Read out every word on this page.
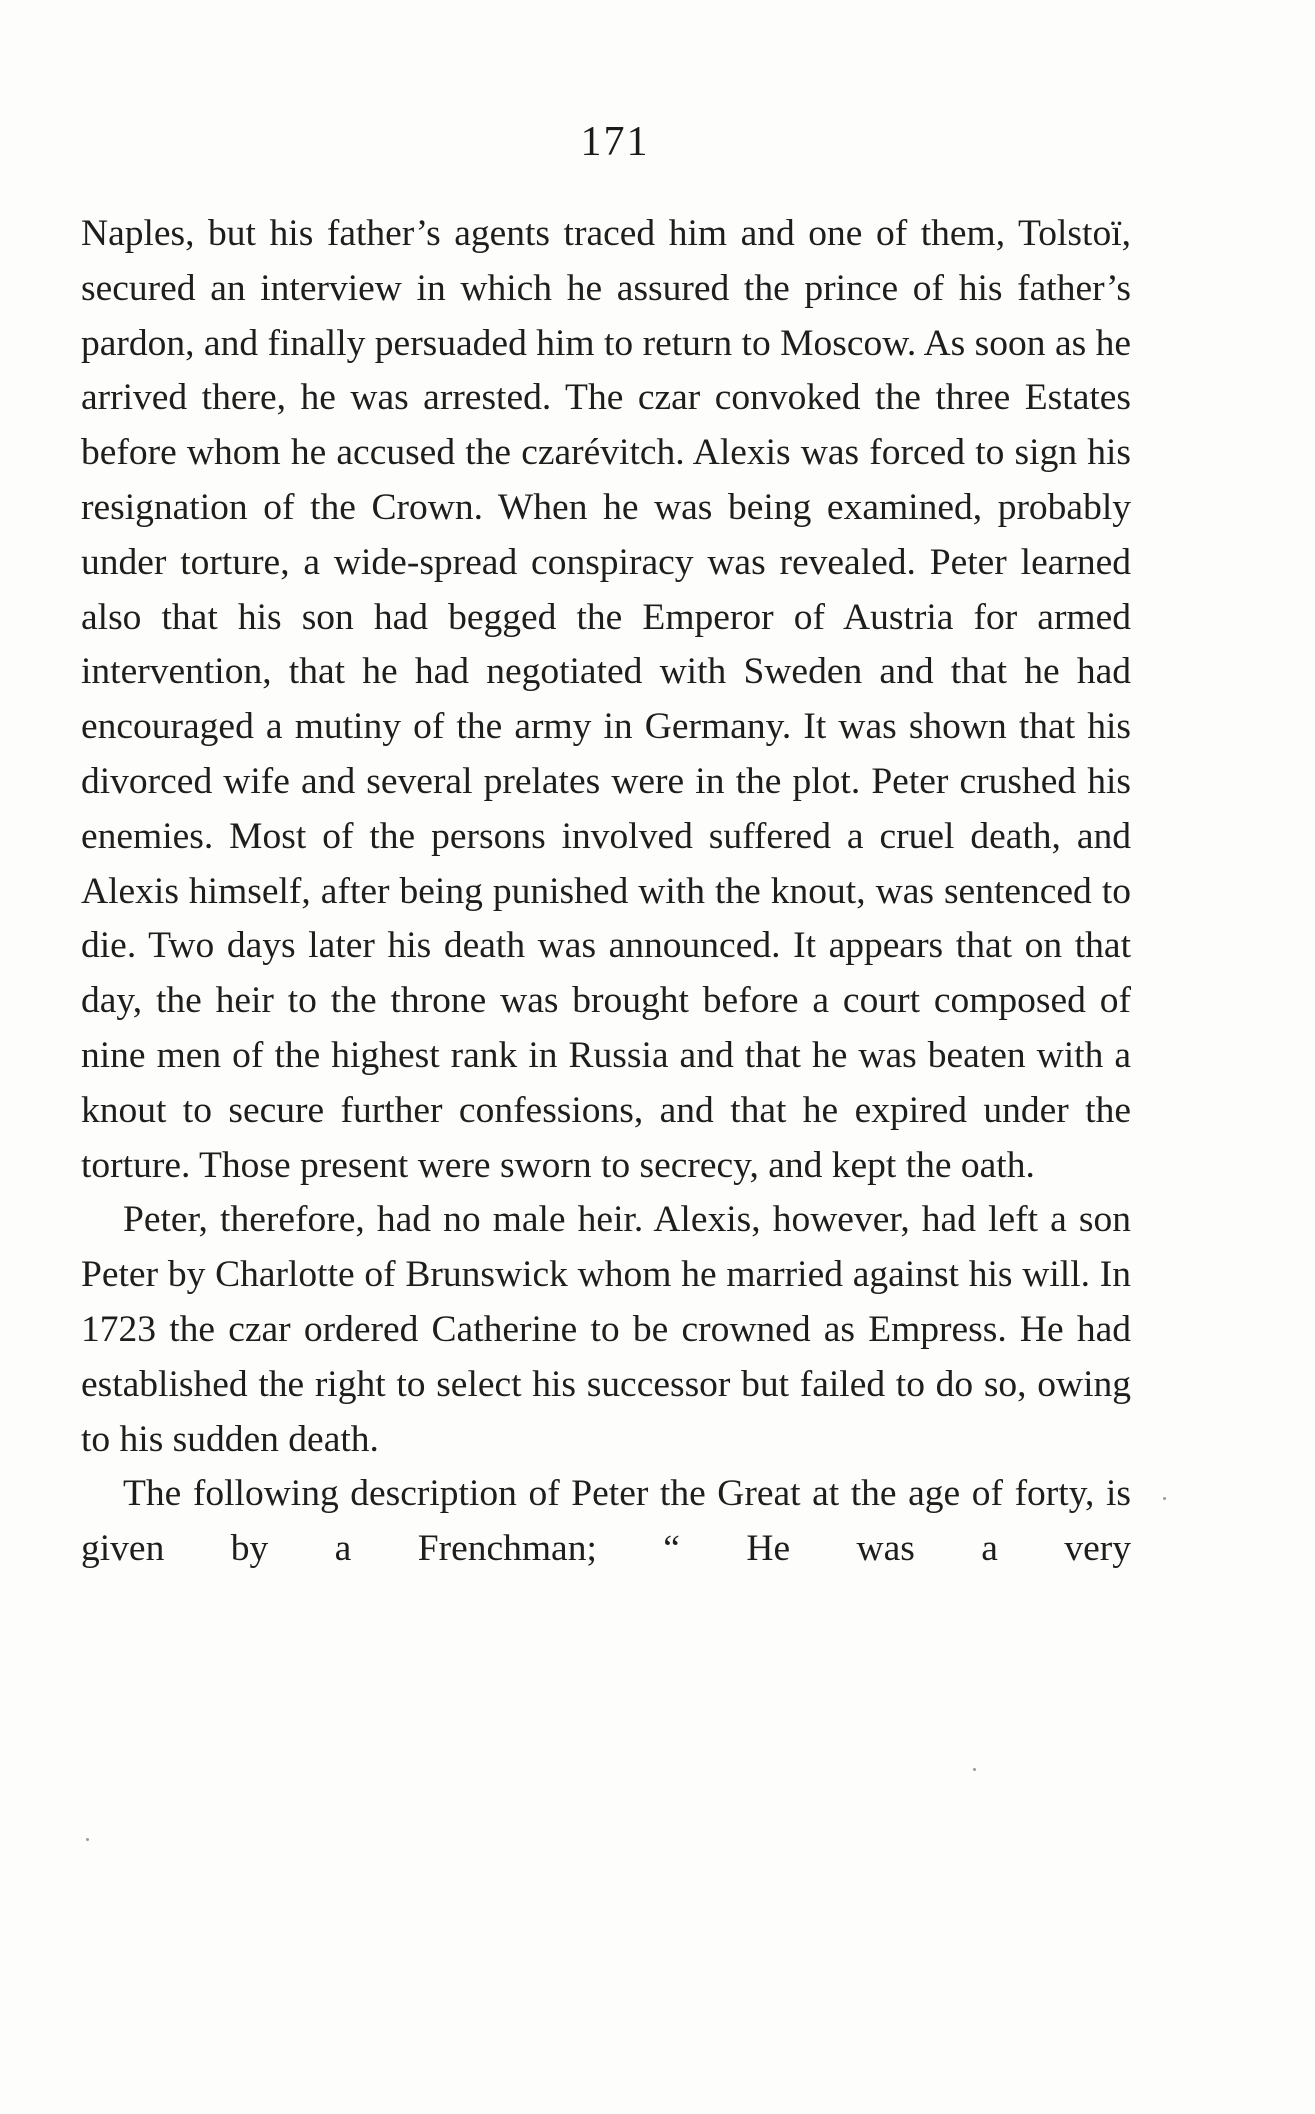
171

Naples, but his father’s agents traced him and one of them, Tolstoï, secured an interview in which he assured the prince of his father’s pardon, and finally persuaded him to return to Moscow. As soon as he arrived there, he was arrested. The czar convoked the three Estates before whom he accused the czarévitch. Alexis was forced to sign his resignation of the Crown. When he was being examined, probably under torture, a wide-spread conspiracy was revealed. Peter learned also that his son had begged the Emperor of Austria for armed intervention, that he had negotiated with Sweden and that he had encouraged a mutiny of the army in Germany. It was shown that his divorced wife and several prelates were in the plot. Peter crushed his enemies. Most of the persons involved suffered a cruel death, and Alexis himself, after being punished with the knout, was sentenced to die. Two days later his death was announced. It appears that on that day, the heir to the throne was brought before a court composed of nine men of the highest rank in Russia and that he was beaten with a knout to secure further confessions, and that he expired under the torture. Those present were sworn to secrecy, and kept the oath.

Peter, therefore, had no male heir. Alexis, however, had left a son Peter by Charlotte of Brunswick whom he married against his will. In 1723 the czar ordered Catherine to be crowned as Empress. He had established the right to select his successor but failed to do so, owing to his sudden death.

The following description of Peter the Great at the age of forty, is given by a Frenchman; “ He was a very
